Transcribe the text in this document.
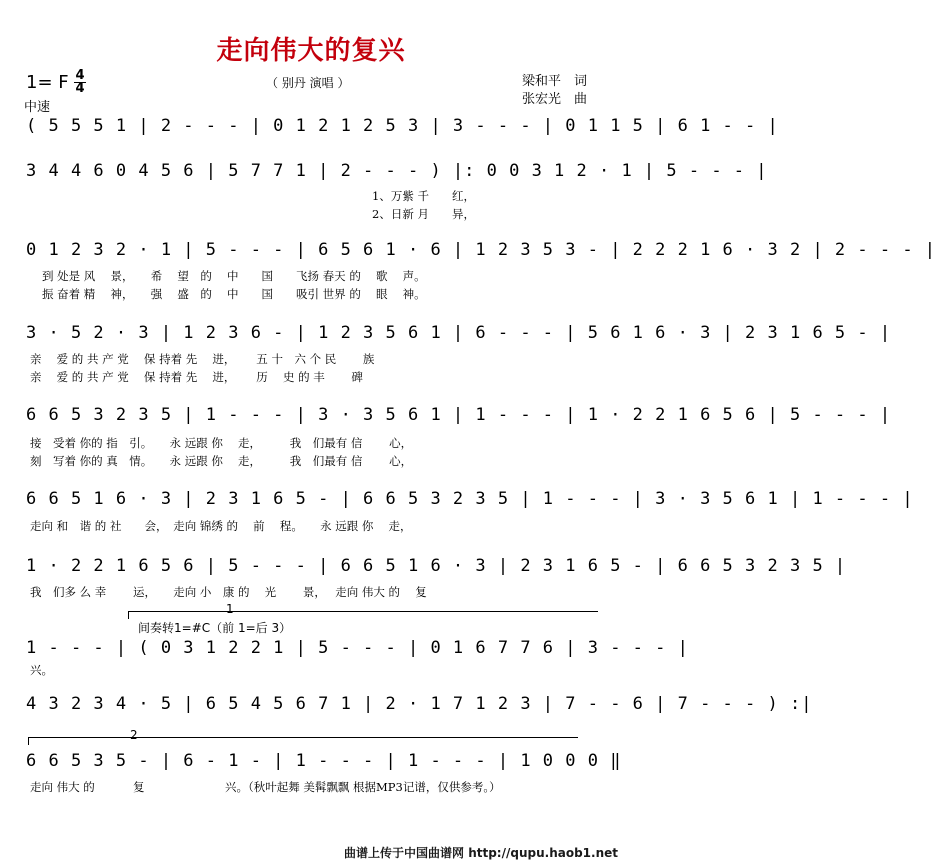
走向伟大的复兴
（ 别丹 演唱 ）
1= F 4
4
中速
梁和平　词
张宏光　曲
( 5 5 5 1 | 2 - - - | 0 1 2 1 2 5 3 | 3 - - - | 0 1 1 5 | 6 1 - - |
3 4 4 6 0 4 5 6 | 5 7 7 1 | 2 - - - ) |: 0 0 3 1 2 · 1 | 5 - - - |
1、万紫 千　　红，
2、日新 月　　异，
0 1 2 3 2 · 1 | 5 - - - | 6 5 6 1 · 6 | 1 2 3 5 3 - | 2 2 2 1 6 · 3 2 | 2 - - - |
到 处是 风　 景，　　希　 望　的　 中　　国　　飞扬 春天 的　 歌　 声。
振 奋着 精　 神，　　强　 盛　的　 中　　国　　吸引 世界 的　 眼　 神。
3 · 5 2 · 3 | 1 2 3 6 - | 1 2 3 5 6 1 | 6 - - - | 5 6 1 6 · 3 | 2 3 1 6 5 - |
亲　 爱 的 共 产 党　 保 持着 先　 进，　　 五 十　六 个 民　　 族
亲　 爱 的 共 产 党　 保 持着 先　 进，　　 历　 史 的 丰　　 碑
6 6 5 3 2 3 5 | 1 - - - | 3 · 3 5 6 1 | 1 - - - | 1 · 2 2 1 6 5 6 | 5 - - - |
接　受着 你的 指　引。　　永 远跟 你　 走，　　　我　们最有 信　　 心，
刻　写着 你的 真　情。　　永 远跟 你　 走，　　　我　们最有 信　　 心，
6 6 5 1 6 · 3 | 2 3 1 6 5 - | 6 6 5 3 2 3 5 | 1 - - - | 3 · 3 5 6 1 | 1 - - - |
走向 和　谐 的 社　　会，　走向 锦绣 的　 前　 程。　　永 远跟 你　 走，
1 · 2 2 1 6 5 6 | 5 - - - | 6 6 5 1 6 · 3 | 2 3 1 6 5 - | 6 6 5 3 2 3 5 |
我　们多 么 幸　　 运，　　走向 小　康 的　 光　　 景，　 走向 伟大 的　 复
1
间奏转1=#C（前 1=后 3）
1 - - - | ( 0 3 1 2 2 1 | 5 - - - | 0 1 6 7 7 6 | 3 - - - |
兴。
4 3 2 3 4 · 5 | 6 5 4 5 6 7 1 | 2 · 1 7 1 2 3 | 7 - - 6 | 7 - - - ) :|
2
6 6 5 3 5 - | 6 - 1 - | 1 - - - | 1 - - - | 1 0 0 0 ‖
走向 伟大 的　　　 复　　　　　　　兴。（秋叶起舞 美髯飘飘 根据MP3记谱，仅供参考。）
曲谱上传于中国曲谱网 http://qupu.haob1.net
